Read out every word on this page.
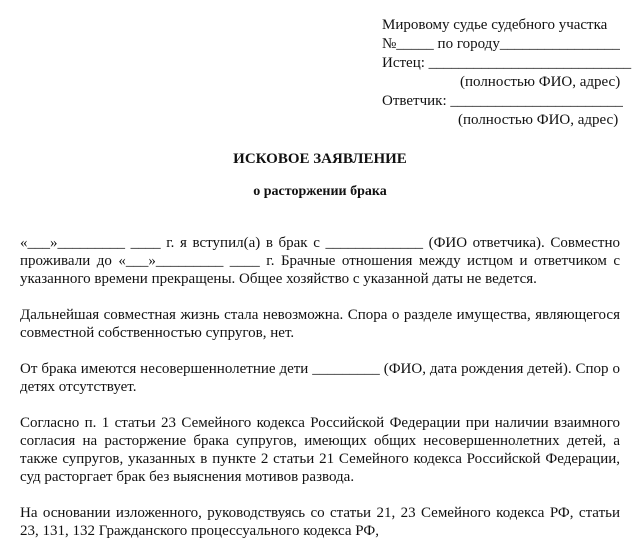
Мировому судье судебного участка
№_____ по городу________________
Истец: ___________________________
(полностью ФИО, адрес)
Ответчик: _______________________
(полностью ФИО, адрес)
ИСКОВОЕ ЗАЯВЛЕНИЕ
о расторжении брака

«___»_________ ____ г. я вступил(а) в брак с _____________ (ФИО ответчика). Совместно проживали до «___»_________ ____ г. Брачные отношения между истцом и ответчиком с указанного времени прекращены. Общее хозяйство с указанной даты не ведется.

Дальнейшая совместная жизнь стала невозможна. Спора о разделе имущества, являющегося совместной собственностью супругов, нет.

От брака имеются несовершеннолетние дети _________ (ФИО, дата рождения детей). Спор о детях отсутствует.

Согласно п. 1 статьи 23 Семейного кодекса Российской Федерации при наличии взаимного согласия на расторжение брака супругов, имеющих общих несовершеннолетних детей, а также супругов, указанных в пункте 2 статьи 21 Семейного кодекса Российской Федерации, суд расторгает брак без выяснения мотивов развода.

На основании изложенного, руководствуясь со статьи 21, 23 Семейного кодекса РФ, статьи 23, 131, 132 Гражданского процессуального кодекса РФ,
